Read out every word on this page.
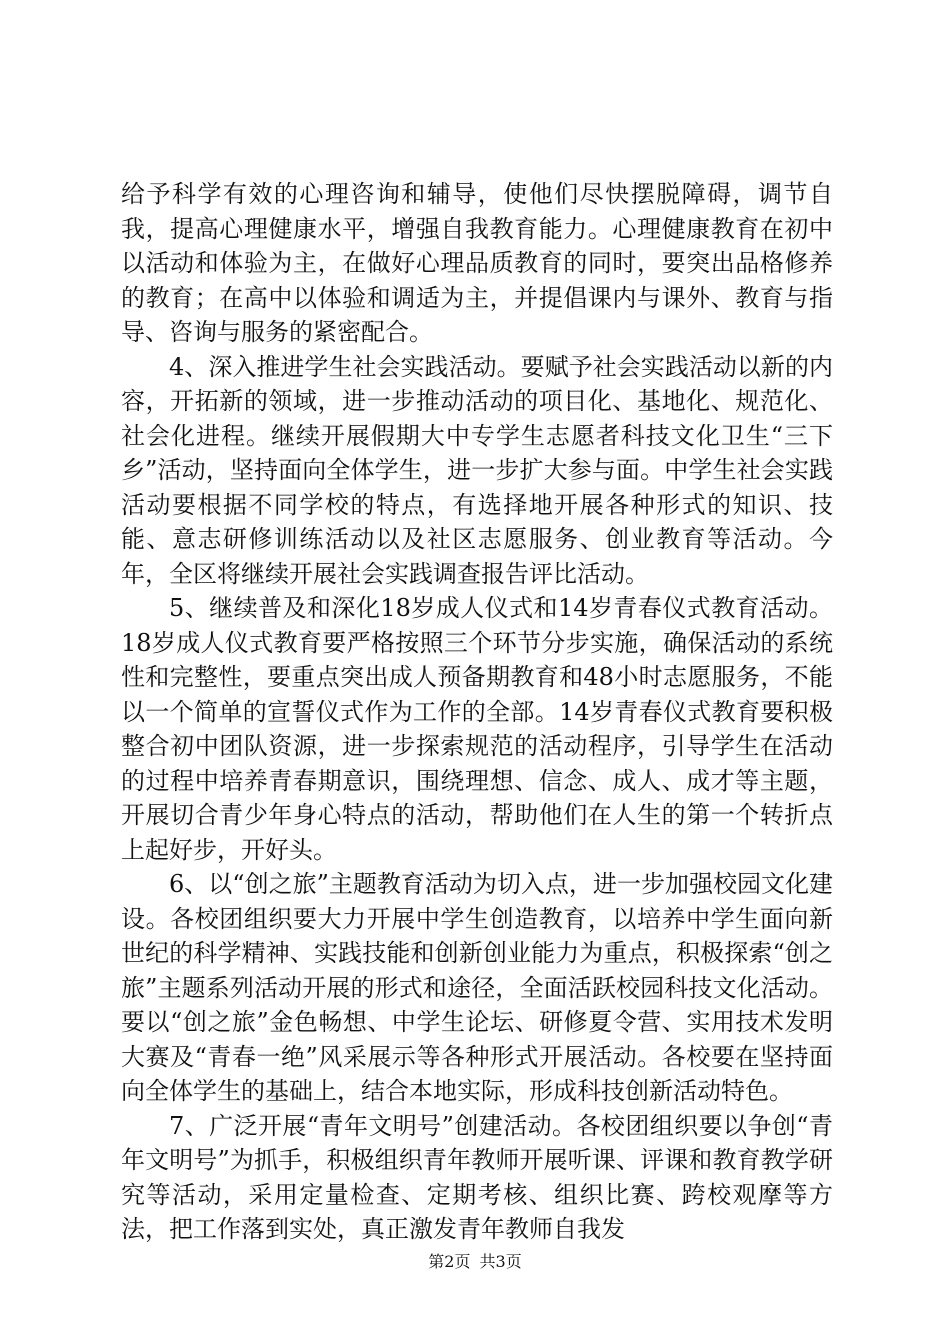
给予科学有效的心理咨询和辅导，使他们尽快摆脱障碍，调节自我，提高心理健康水平，增强自我教育能力。心理健康教育在初中以活动和体验为主，在做好心理品质教育的同时，要突出品格修养的教育；在高中以体验和调适为主，并提倡课内与课外、教育与指导、咨询与服务的紧密配合。

4、深入推进学生社会实践活动。要赋予社会实践活动以新的内容，开拓新的领域，进一步推动活动的项目化、基地化、规范化、社会化进程。继续开展假期大中专学生志愿者科技文化卫生“三下乡”活动，坚持面向全体学生，进一步扩大参与面。中学生社会实践活动要根据不同学校的特点，有选择地开展各种形式的知识、技能、意志研修训练活动以及社区志愿服务、创业教育等活动。今年，全区将继续开展社会实践调查报告评比活动。

5、继续普及和深化18岁成人仪式和14岁青春仪式教育活动。18岁成人仪式教育要严格按照三个环节分步实施，确保活动的系统性和完整性，要重点突出成人预备期教育和48小时志愿服务，不能以一个简单的宣誓仪式作为工作的全部。14岁青春仪式教育要积极整合初中团队资源，进一步探索规范的活动程序，引导学生在活动的过程中培养青春期意识，围绕理想、信念、成人、成才等主题，开展切合青少年身心特点的活动，帮助他们在人生的第一个转折点上起好步，开好头。

6、以“创之旅”主题教育活动为切入点，进一步加强校园文化建设。各校团组织要大力开展中学生创造教育，以培养中学生面向新世纪的科学精神、实践技能和创新创业能力为重点，积极探索“创之旅”主题系列活动开展的形式和途径，全面活跃校园科技文化活动。要以“创之旅”金色畅想、中学生论坛、研修夏令营、实用技术发明大赛及“青春一绝”风采展示等各种形式开展活动。各校要在坚持面向全体学生的基础上，结合本地实际，形成科技创新活动特色。

7、广泛开展“青年文明号”创建活动。各校团组织要以争创“青年文明号”为抓手，积极组织青年教师开展听课、评课和教育教学研究等活动，采用定量检查、定期考核、组织比赛、跨校观摩等方法，把工作落到实处，真正激发青年教师自我发

第2页 共3页
